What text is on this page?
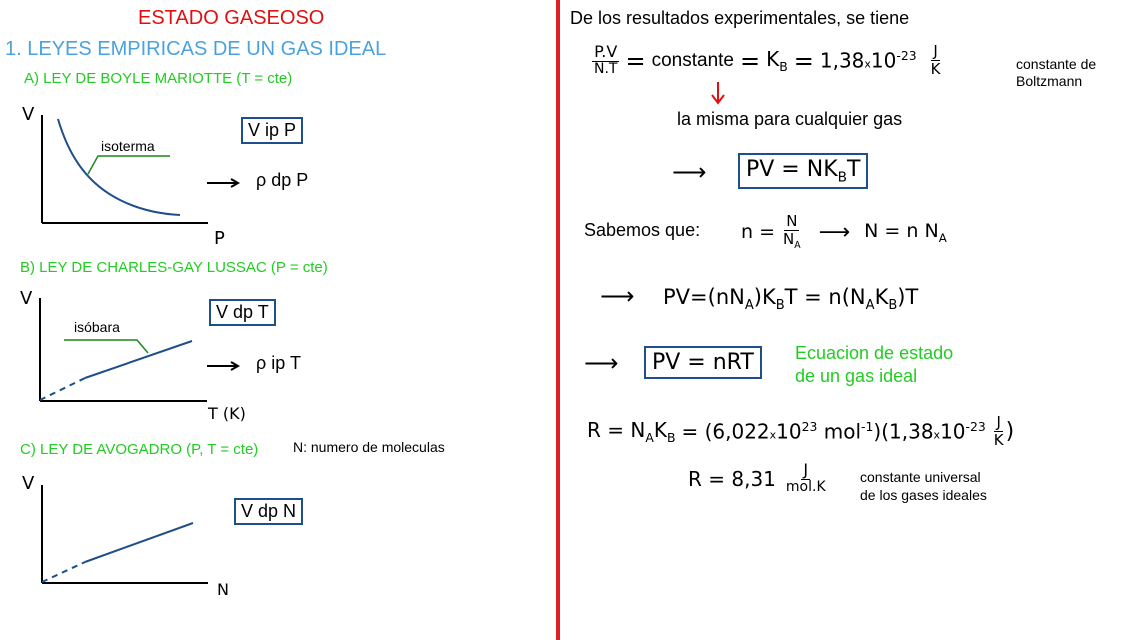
ESTADO GASEOSO
1. LEYES EMPIRICAS DE UN GAS IDEAL
A) LEY DE BOYLE MARIOTTE (T = cte)
V
P
isoterma
V ip P
ρ dp P
B) LEY DE CHARLES-GAY LUSSAC (P = cte)
V
T (K)
isóbara
V dp T
ρ ip T
C) LEY DE AVOGADRO (P, T = cte) N: numero de moleculas
V
N
V dp N
De los resultados experimentales, se tiene
$\frac{P.V}{N.T}$ = constante = $K_B = 1,38x10^{-23} \frac{J}{K}$	constante de
Boltzmann
la misma para cualquier gas
⟶	PV = $NK_BT$
Sabemos que: $n = \frac{N}{N_A}$ ⟶ N = n $N_A$
⟶ $PV=(nN_A)K_BT = n(N_AK_B)T$
⟶	PV = nRT	Ecuacion de estado
de un gas ideal
$R = N_AK_B = (6,022x10^{23}$ $mol^{-1})(1,38x10^{-23} \frac{J}{K}$ )
$R = 8,31 \frac{J}{\text{mol.K}}$ constante universal
de los gases ideales
